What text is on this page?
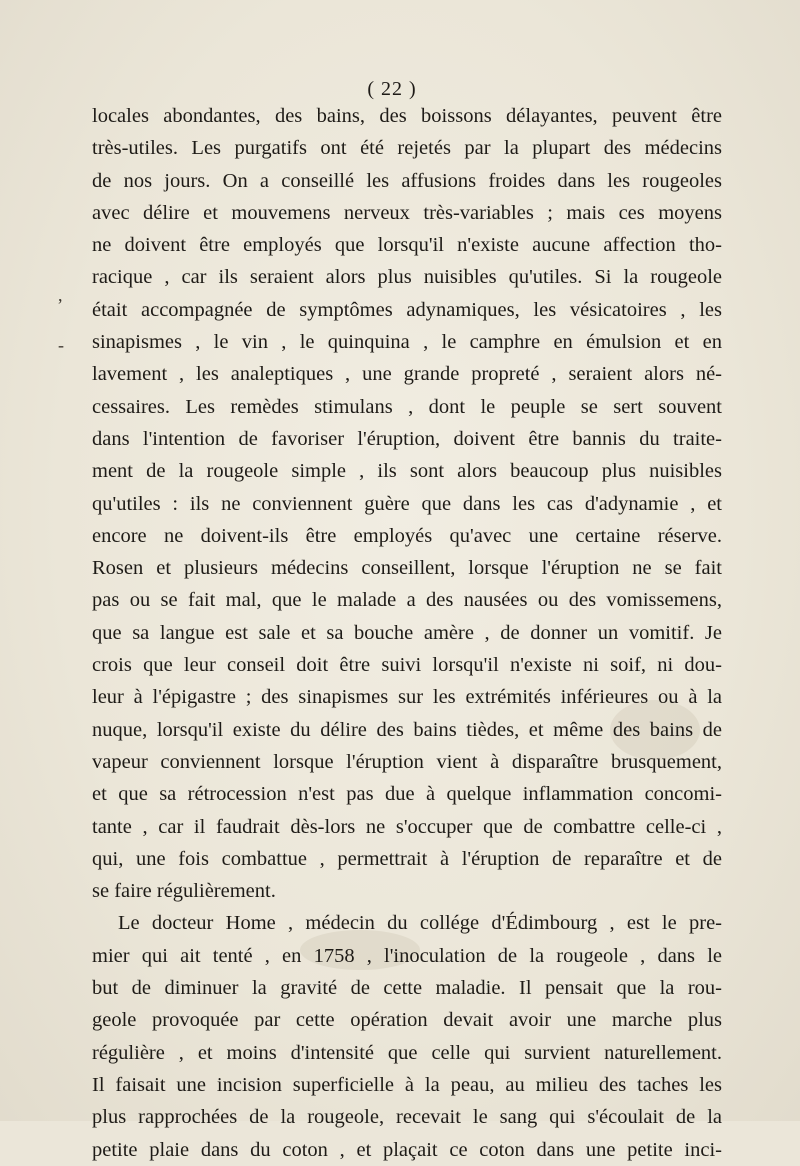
( 22 )
,
-
locales abondantes, des bains, des boissons délayantes, peuvent être
très-utiles. Les purgatifs ont été rejetés par la plupart des médecins
de nos jours. On a conseillé les affusions froides dans les rougeoles
avec délire et mouvemens nerveux très-variables ; mais ces moyens
ne doivent être employés que lorsqu'il n'existe aucune affection tho-
racique , car ils seraient alors plus nuisibles qu'utiles. Si la rougeole
était accompagnée de symptômes adynamiques, les vésicatoires , les
sinapismes , le vin , le quinquina , le camphre en émulsion et en
lavement , les analeptiques , une grande propreté , seraient alors né-
cessaires. Les remèdes stimulans , dont le peuple se sert souvent
dans l'intention de favoriser l'éruption, doivent être bannis du traite-
ment de la rougeole simple , ils sont alors beaucoup plus nuisibles
qu'utiles : ils ne conviennent guère que dans les cas d'adynamie , et
encore ne doivent-ils être employés qu'avec une certaine réserve.
Rosen et plusieurs médecins conseillent, lorsque l'éruption ne se fait
pas ou se fait mal, que le malade a des nausées ou des vomissemens,
que sa langue est sale et sa bouche amère , de donner un vomitif. Je
crois que leur conseil doit être suivi lorsqu'il n'existe ni soif, ni dou-
leur à l'épigastre ; des sinapismes sur les extrémités inférieures ou à la
nuque, lorsqu'il existe du délire des bains tièdes, et même des bains de
vapeur conviennent lorsque l'éruption vient à disparaître brusquement,
et que sa rétrocession n'est pas due à quelque inflammation concomi-
tante , car il faudrait dès-lors ne s'occuper que de combattre celle-ci ,
qui, une fois combattue , permettrait à l'éruption de reparaître et de
se faire régulièrement.
Le docteur Home , médecin du collége d'Édimbourg , est le pre-
mier qui ait tenté , en 1758 , l'inoculation de la rougeole , dans le
but de diminuer la gravité de cette maladie. Il pensait que la rou-
geole provoquée par cette opération devait avoir une marche plus
régulière , et moins d'intensité que celle qui survient naturellement.
Il faisait une incision superficielle à la peau, au milieu des taches les
plus rapprochées de la rougeole, recevait le sang qui s'écoulait de la
petite plaie dans du coton , et plaçait ce coton dans une petite inci-
